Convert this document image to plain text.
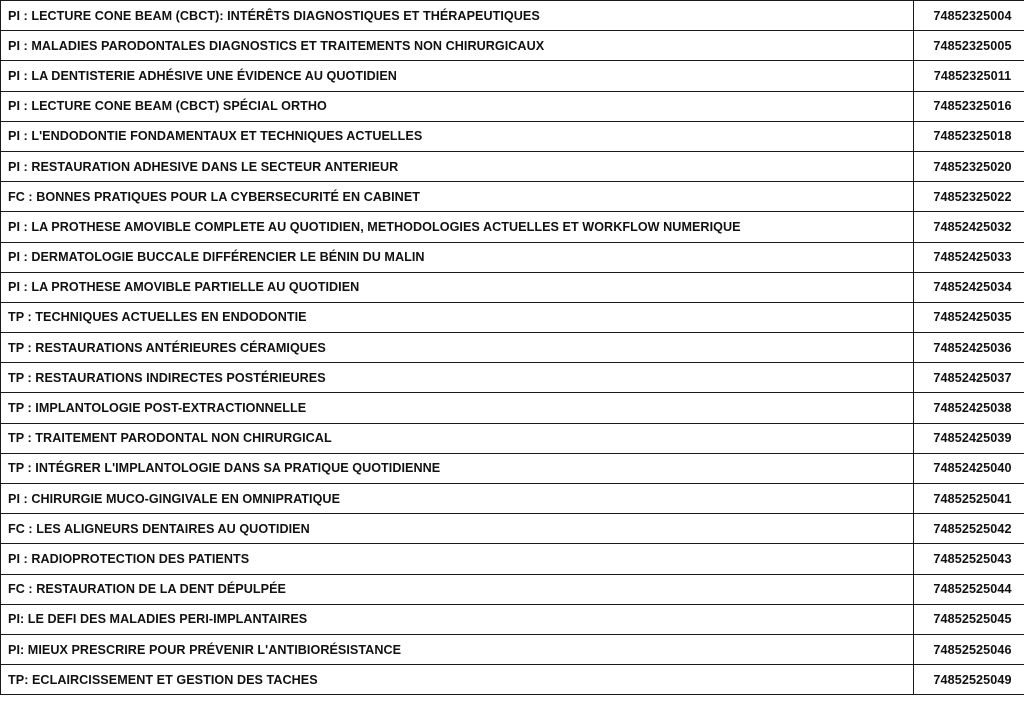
PI : LECTURE CONE BEAM (CBCT): INTÉRÊTS DIAGNOSTIQUES ET THÉRAPEUTIQUES	74852325004
PI : MALADIES PARODONTALES DIAGNOSTICS ET TRAITEMENTS NON CHIRURGICAUX	74852325005
PI : LA DENTISTERIE ADHÉSIVE UNE ÉVIDENCE AU QUOTIDIEN	74852325011
PI : LECTURE CONE BEAM (CBCT) SPÉCIAL ORTHO	74852325016
PI : L'ENDODONTIE FONDAMENTAUX ET TECHNIQUES ACTUELLES	74852325018
PI : RESTAURATION ADHESIVE DANS LE SECTEUR ANTERIEUR	74852325020
FC : BONNES PRATIQUES POUR LA CYBERSECURITÉ EN CABINET	74852325022
PI : LA PROTHESE AMOVIBLE COMPLETE AU QUOTIDIEN, METHODOLOGIES ACTUELLES ET WORKFLOW NUMERIQUE	74852425032
PI : DERMATOLOGIE BUCCALE DIFFÉRENCIER LE BÉNIN DU MALIN	74852425033
PI : LA PROTHESE AMOVIBLE PARTIELLE AU QUOTIDIEN	74852425034
TP : TECHNIQUES ACTUELLES EN ENDODONTIE	74852425035
TP : RESTAURATIONS ANTÉRIEURES CÉRAMIQUES	74852425036
TP : RESTAURATIONS INDIRECTES POSTÉRIEURES	74852425037
TP : IMPLANTOLOGIE POST-EXTRACTIONNELLE	74852425038
TP : TRAITEMENT PARODONTAL NON CHIRURGICAL	74852425039
TP : INTÉGRER L'IMPLANTOLOGIE DANS SA PRATIQUE QUOTIDIENNE	74852425040
PI : CHIRURGIE MUCO-GINGIVALE EN OMNIPRATIQUE	74852525041
FC : LES ALIGNEURS DENTAIRES AU QUOTIDIEN	74852525042
PI : RADIOPROTECTION DES PATIENTS	74852525043
FC : RESTAURATION DE LA DENT DÉPULPÉE	74852525044
PI: LE DEFI DES MALADIES PERI-IMPLANTAIRES	74852525045
PI: MIEUX PRESCRIRE POUR PRÉVENIR L'ANTIBIORÉSISTANCE	74852525046
TP: ECLAIRCISSEMENT ET GESTION DES TACHES	74852525049
